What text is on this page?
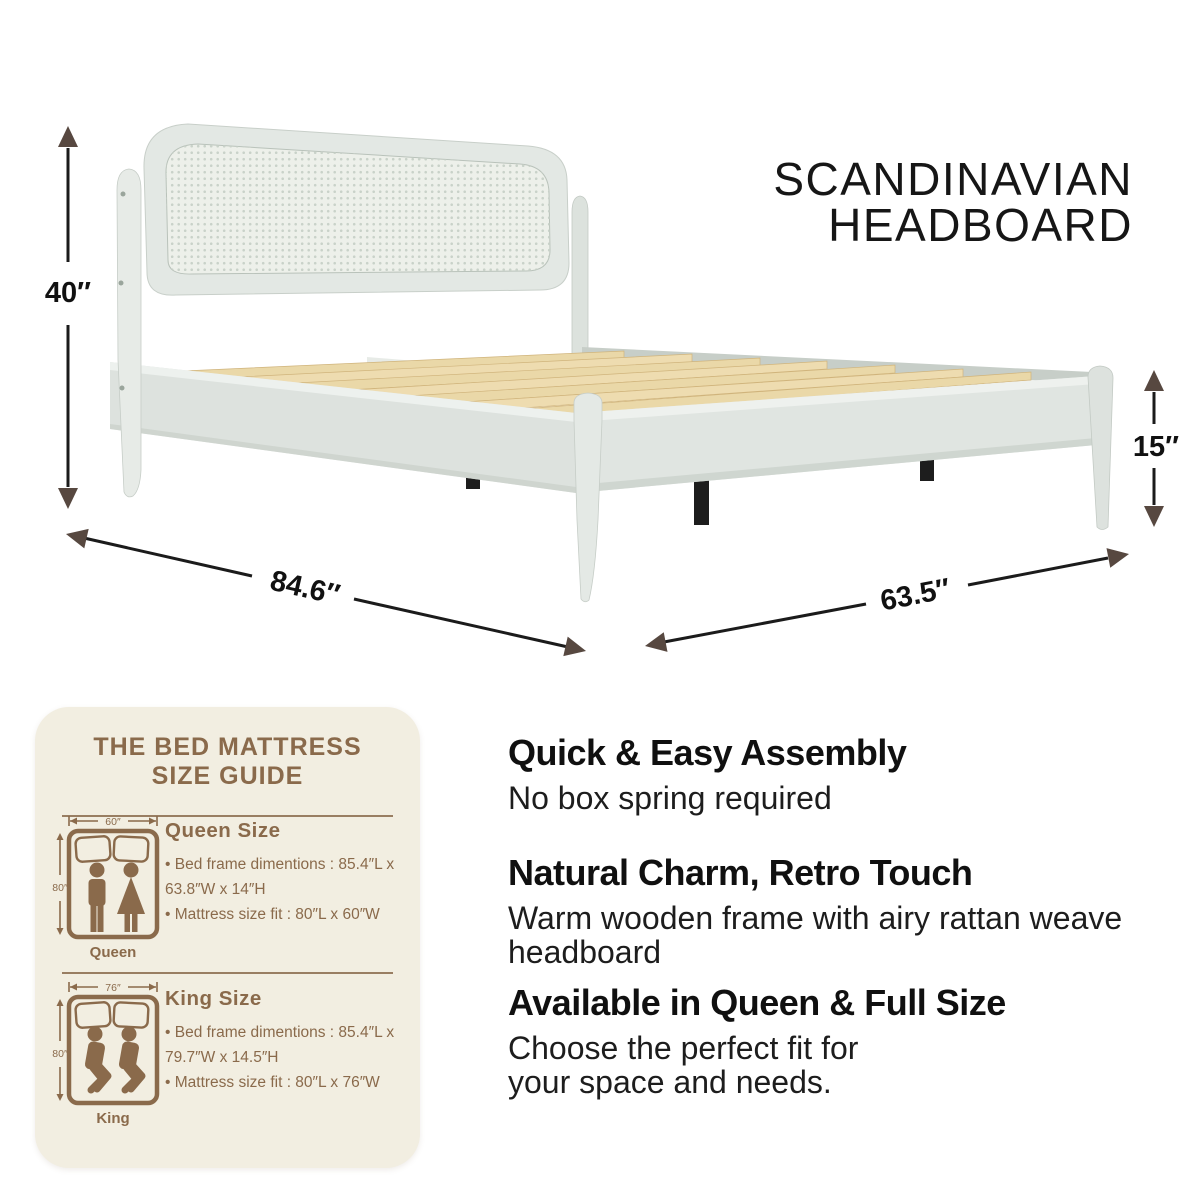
40″
15″
84.6″	63.5″
SCANDINAVIAN
HEADBOARD
THE BED MATTRESS
SIZE GUIDE
60″
80″
Queen
Queen Size
• Bed frame dimentions : 85.4″L x
63.8″W x 14″H
• Mattress size fit : 80″L x 60″W
76″
80″
King
King Size
• Bed frame dimentions : 85.4″L x
79.7″W x 14.5″H
• Mattress size fit : 80″L x 76″W
Quick & Easy Assembly
No box spring required
Natural Charm, Retro Touch
Warm wooden frame with airy rattan weave
headboard
Available in Queen & Full Size
Choose the perfect fit for
your space and needs.
